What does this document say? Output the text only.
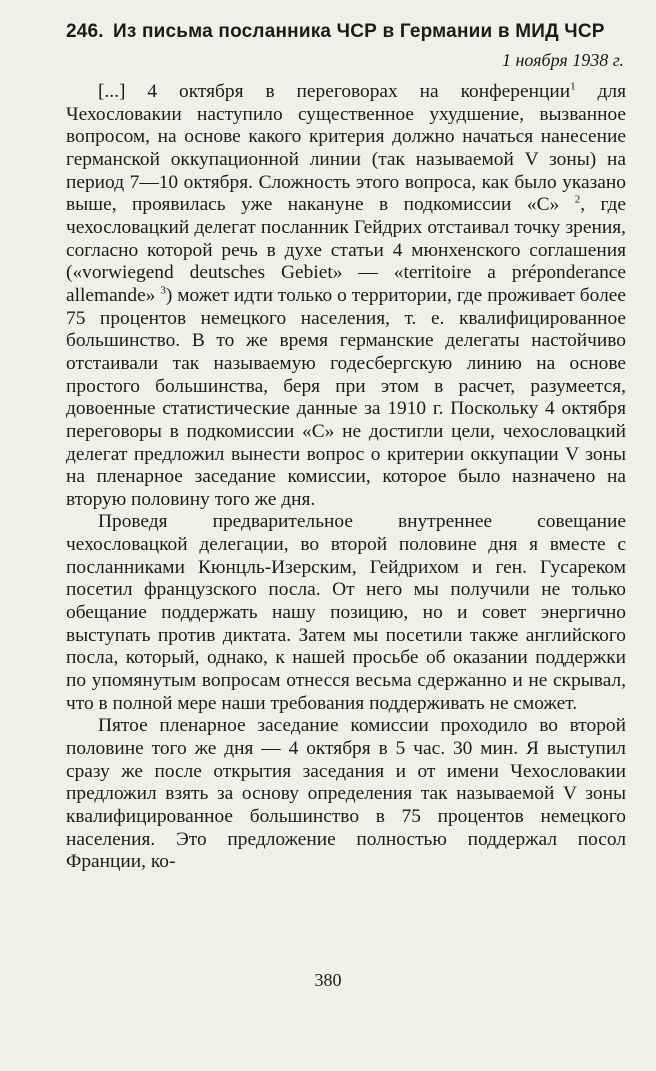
246. Из письма посланника ЧСР в Германии в МИД ЧСР
1 ноября 1938 г.

[...] 4 октября в переговорах на конференции$^1$ для Чехословакии наступило существенное ухудшение, вызванное вопросом, на основе какого критерия должно начаться нанесение германской оккупационной линии (так называемой V зоны) на период 7—10 октября. Сложность этого вопроса, как было указано выше, проявилась уже накануне в подкомиссии «С» $^2$, где чехословацкий делегат посланник Гейдрих отстаивал точку зрения, согласно которой речь в духе статьи 4 мюнхенского соглашения («vorwiegend deutsches Gebiet» — «territoire a préponderance allemande» $^3$) может идти только о территории, где проживает более 75 процентов немецкого населения, т. е. квалифицированное большинство. В то же время германские делегаты настойчиво отстаивали так называемую годесбергскую линию на основе простого большинства, беря при этом в расчет, разумеется, довоенные статистические данные за 1910 г. Поскольку 4 октября переговоры в подкомиссии «С» не достигли цели, чехословацкий делегат предложил вынести вопрос о критерии оккупации V зоны на пленарное заседание комиссии, которое было назначено на вторую половину того же дня.

Проведя предварительное внутреннее совещание чехословацкой делегации, во второй половине дня я вместе с посланниками Кюнцль-Изерским, Гейдрихом и ген. Гусареком посетил французского посла. От него мы получили не только обещание поддержать нашу позицию, но и совет энергично выступать против диктата. Затем мы посетили также английского посла, который, однако, к нашей просьбе об оказании поддержки по упомянутым вопросам отнесся весьма сдержанно и не скрывал, что в полной мере наши требования поддерживать не сможет.

Пятое пленарное заседание комиссии проходило во второй половине того же дня — 4 октября в 5 час. 30 мин. Я выступил сразу же после открытия заседания и от имени Чехословакии предложил взять за основу определения так называемой V зоны квалифицированное большинство в 75 процентов немецкого населения. Это предложение полностью поддержал посол Франции, ко-

380
